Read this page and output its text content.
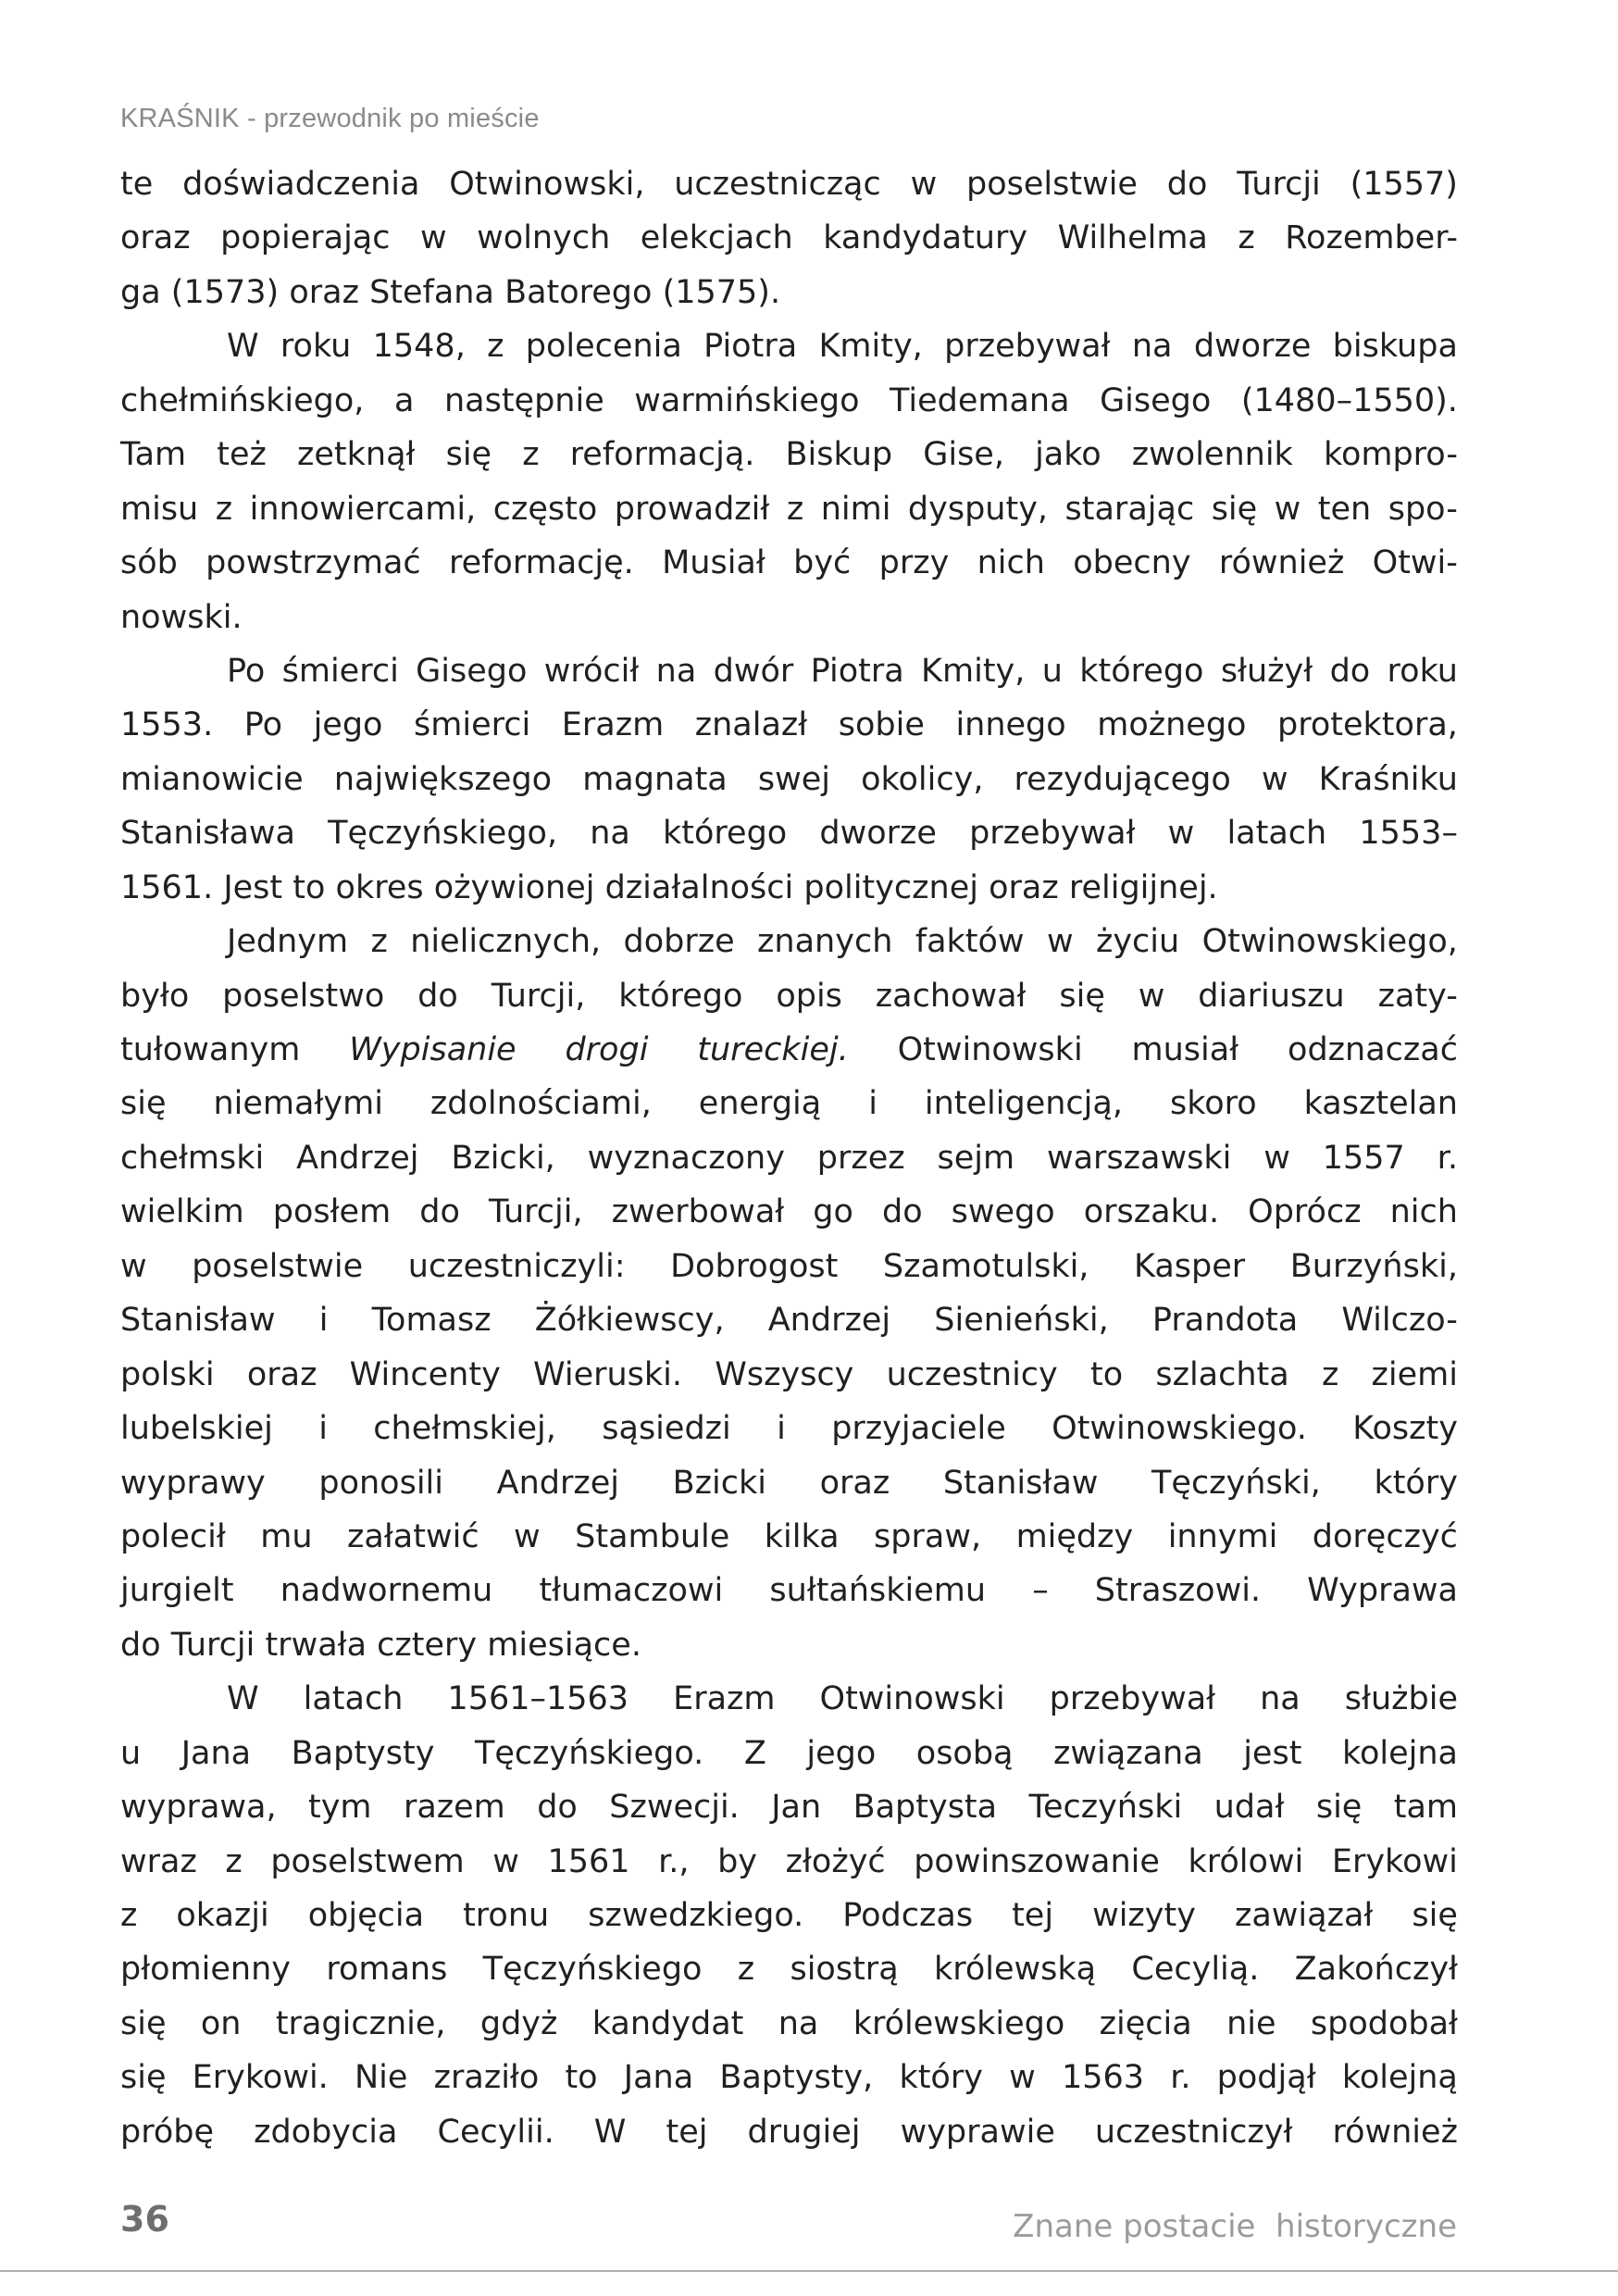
KRAŚNIK - przewodnik po mieście
te doświadczenia Otwinowski, uczestnicząc w poselstwie do Turcji (1557)
oraz popierając w wolnych elekcjach kandydatury Wilhelma z Rozember-
ga (1573) oraz Stefana Batorego (1575).
W roku 1548, z polecenia Piotra Kmity, przebywał na dworze biskupa
chełmińskiego, a następnie warmińskiego Tiedemana Gisego (1480–1550).
Tam też zetknął się z reformacją. Biskup Gise, jako zwolennik kompro-
misu z innowiercami, często prowadził z nimi dysputy, starając się w ten spo-
sób powstrzymać reformację. Musiał być przy nich obecny również Otwi-
nowski.
Po śmierci Gisego wrócił na dwór Piotra Kmity, u którego służył do roku
1553. Po jego śmierci Erazm znalazł sobie innego możnego protektora,
mianowicie największego magnata swej okolicy, rezydującego w Kraśniku
Stanisława Tęczyńskiego, na którego dworze przebywał w latach 1553–
1561. Jest to okres ożywionej działalności politycznej oraz religijnej.
Jednym z nielicznych, dobrze znanych faktów w życiu Otwinowskiego,
było poselstwo do Turcji, którego opis zachował się w diariuszu zaty-
tułowanym Wypisanie drogi tureckiej. Otwinowski musiał odznaczać
się niemałymi zdolnościami, energią i inteligencją, skoro kasztelan
chełmski Andrzej Bzicki, wyznaczony przez sejm warszawski w 1557 r.
wielkim posłem do Turcji, zwerbował go do swego orszaku. Oprócz nich
w poselstwie uczestniczyli: Dobrogost Szamotulski, Kasper Burzyński,
Stanisław i Tomasz Żółkiewscy, Andrzej Sienieński, Prandota Wilczo-
polski oraz Wincenty Wieruski. Wszyscy uczestnicy to szlachta z ziemi
lubelskiej i chełmskiej, sąsiedzi i przyjaciele Otwinowskiego. Koszty
wyprawy ponosili Andrzej Bzicki oraz Stanisław Tęczyński, który
polecił mu załatwić w Stambule kilka spraw, między innymi doręczyć
jurgielt nadwornemu tłumaczowi sułtańskiemu – Straszowi. Wyprawa
do Turcji trwała cztery miesiące.
W latach 1561–1563 Erazm Otwinowski przebywał na służbie
u Jana Baptysty Tęczyńskiego. Z jego osobą związana jest kolejna
wyprawa, tym razem do Szwecji. Jan Baptysta Teczyński udał się tam
wraz z poselstwem w 1561 r., by złożyć powinszowanie królowi Erykowi
z okazji objęcia tronu szwedzkiego. Podczas tej wizyty zawiązał się
płomienny romans Tęczyńskiego z siostrą królewską Cecylią. Zakończył
się on tragicznie, gdyż kandydat na królewskiego zięcia nie spodobał
się Erykowi. Nie zraziło to Jana Baptysty, który w 1563 r. podjął kolejną
próbę zdobycia Cecylii. W tej drugiej wyprawie uczestniczył również
36	Znane postacie  historyczne
